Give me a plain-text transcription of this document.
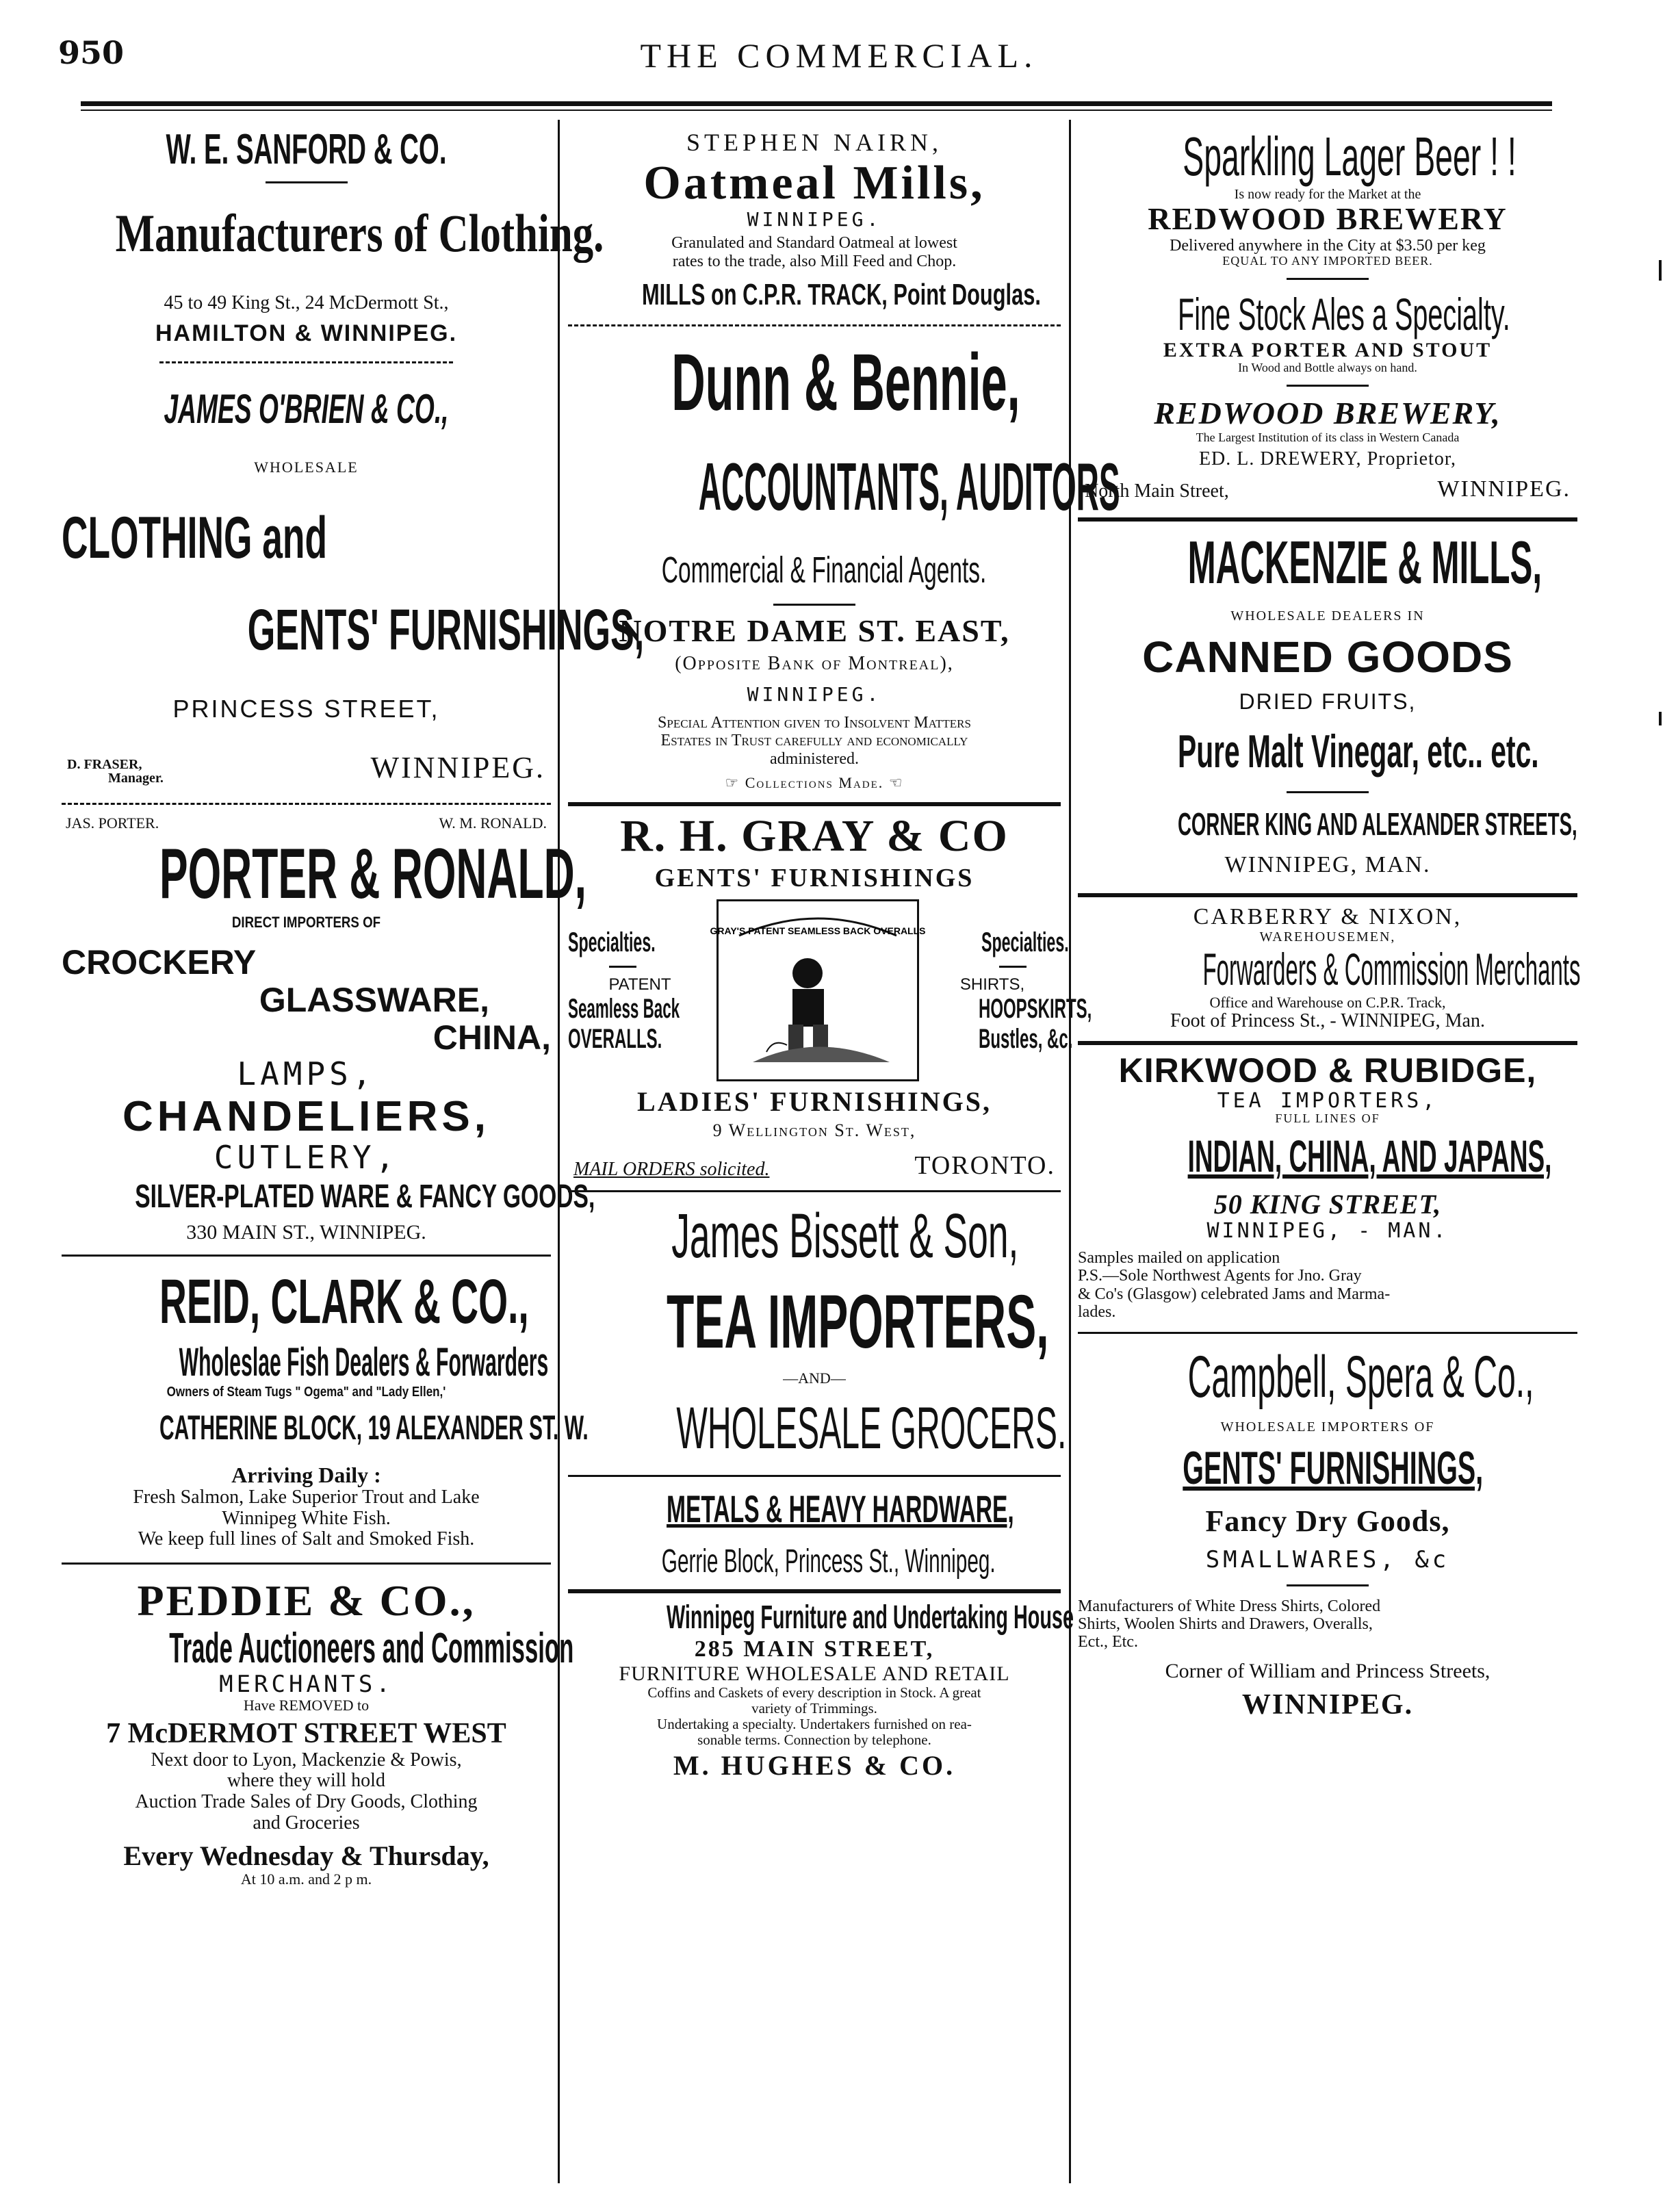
950	THE COMMERCIAL.
W. E. SANFORD & CO.
Manufacturers of Clothing.
45 to 49 King St., 24 McDermott St.,
HAMILTON & WINNIPEG.
JAMES O'BRIEN & CO.,
WHOLESALE
CLOTHING and
GENTS' FURNISHINGS,
PRINCESS STREET,
D. FRASER,
Manager.	WINNIPEG.
JAS. PORTER.	W. M. RONALD.
PORTER & RONALD,
DIRECT IMPORTERS OF
CROCKERY
GLASSWARE,
CHINA,
LAMPS,
CHANDELIERS,
CUTLERY,
SILVER-PLATED WARE & FANCY GOODS,
330 MAIN ST., WINNIPEG.
REID, CLARK & CO.,
Wholeslae Fish Dealers & Forwarders
Owners of Steam Tugs " Ogema" and "Lady Ellen,'
CATHERINE BLOCK, 19 ALEXANDER ST. W.
Arriving Daily :
Fresh Salmon, Lake Superior Trout and Lake
Winnipeg White Fish.
We keep full lines of Salt and Smoked Fish.
PEDDIE & CO.,
Trade Auctioneers and Commission
MERCHANTS.
Have REMOVED to
7 McDERMOT STREET WEST
Next door to Lyon, Mackenzie & Powis,
where they will hold
Auction Trade Sales of Dry Goods, Clothing
and Groceries
Every Wednesday & Thursday,
At 10 a.m. and 2 p m.
STEPHEN NAIRN,
Oatmeal Mills,
WINNIPEG.
Granulated and Standard Oatmeal at lowest
rates to the trade, also Mill Feed and Chop.
MILLS on C.P.R. TRACK, Point Douglas.
Dunn & Bennie,
ACCOUNTANTS, AUDITORS
Commercial & Financial Agents.
NOTRE DAME ST. EAST,
(Opposite Bank of Montreal),
WINNIPEG.
Special Attention given to Insolvent Matters
Estates in Trust carefully and economically
administered.
☞ Collections Made. ☜
R. H. GRAY & CO
GENTS' FURNISHINGS
Specialties.
PATENT
Seamless Back
OVERALLS.
GRAY'S PATENT SEAMLESS BACK OVERALLS Specialties.
SHIRTS,
HOOPSKIRTS,
Bustles, &c.
LADIES' FURNISHINGS,
9 Wellington St. West,
MAIL ORDERS solicited.	TORONTO.
James Bissett & Son,
TEA IMPORTERS,
—AND—
WHOLESALE GROCERS.
METALS & HEAVY HARDWARE,
Gerrie Block, Princess St., Winnipeg.
Winnipeg Furniture and Undertaking House
285 MAIN STREET,
FURNITURE WHOLESALE AND RETAIL
Coffins and Caskets of every description in Stock. A great
variety of Trimmings.
Undertaking a specialty. Undertakers furnished on rea-
sonable terms. Connection by telephone.
M. HUGHES & CO.
Sparkling Lager Beer ! !
Is now ready for the Market at the
REDWOOD BREWERY
Delivered anywhere in the City at $3.50 per keg
EQUAL TO ANY IMPORTED BEER.
Fine Stock Ales a Specialty.
EXTRA PORTER AND STOUT
In Wood and Bottle always on hand.
REDWOOD BREWERY,
The Largest Institution of its class in Western Canada
ED. L. DREWERY, Proprietor,
North Main Street,	WINNIPEG.
MACKENZIE & MILLS,
WHOLESALE DEALERS IN
CANNED GOODS
DRIED FRUITS,
Pure Malt Vinegar, etc.. etc.
CORNER KING AND ALEXANDER STREETS,
WINNIPEG, MAN.
CARBERRY & NIXON,
WAREHOUSEMEN,
Forwarders & Commission Merchants
Office and Warehouse on C.P.R. Track,
Foot of Princess St., - WINNIPEG, Man.
KIRKWOOD & RUBIDGE,
TEA IMPORTERS,
FULL LINES OF
INDIAN, CHINA, AND JAPANS,
50 KING STREET,
WINNIPEG, - MAN.
Samples mailed on application
P.S.—Sole Northwest Agents for Jno. Gray
& Co's (Glasgow) celebrated Jams and Marma-
lades.
Campbell, Spera & Co.,
WHOLESALE IMPORTERS OF
GENTS' FURNISHINGS,
Fancy Dry Goods,
SMALLWARES, &c
Manufacturers of White Dress Shirts, Colored
Shirts, Woolen Shirts and Drawers, Overalls,
Ect., Etc.
Corner of William and Princess Streets,
WINNIPEG.
